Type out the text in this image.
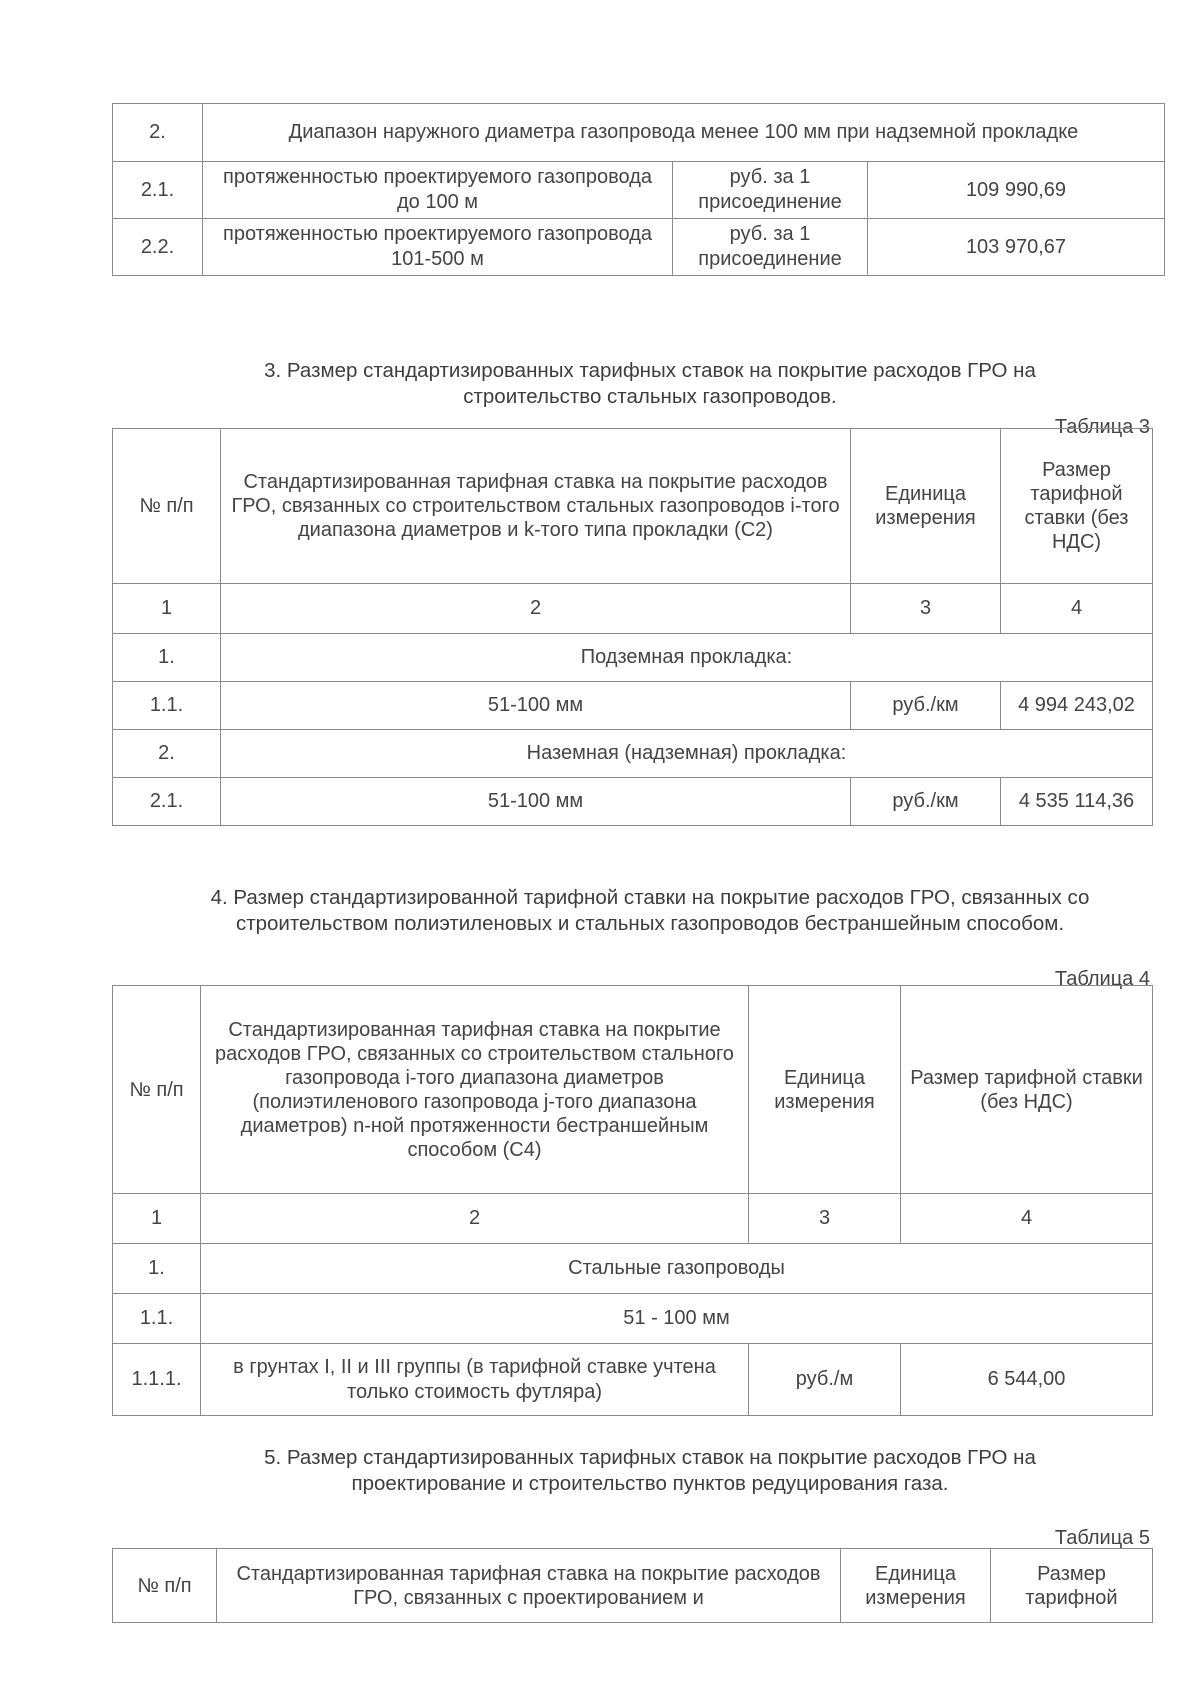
2.	Диапазон наружного диаметра газопровода менее 100 мм при надземной прокладке		
2.1.	протяженностью проектируемого газопровода до 100 м	руб. за 1 присоединение	109 990,69
2.2.	протяженностью проектируемого газопровода 101-500 м	руб. за 1 присоединение	103 970,67
3. Размер стандартизированных тарифных ставок на покрытие расходов ГРО на строительство стальных газопроводов.
Таблица 3
№ п/п	Стандартизированная тарифная ставка на покрытие расходов ГРО, связанных со строительством стальных газопроводов i-того диапазона диаметров и k-того типа прокладки (С2)	Единица измерения	Размер тарифной ставки (без НДС)
1	2	3	4
1.	Подземная прокладка:		
1.1.	51-100 мм	руб./км	4 994 243,02
2.	Наземная (надземная) прокладка:		
2.1.	51-100 мм	руб./км	4 535 114,36
4. Размер стандартизированной тарифной ставки на покрытие расходов ГРО, связанных со строительством полиэтиленовых и стальных газопроводов бестраншейным способом.
Таблица 4
№ п/п	Стандартизированная тарифная ставка на покрытие расходов ГРО, связанных со строительством стального газопровода i-того диапазона диаметров (полиэтиленового газопровода j-того диапазона диаметров) n-ной протяженности бестраншейным способом (С4)	Единица измерения	Размер тарифной ставки (без НДС)
1	2	3	4
1.	Стальные газопроводы		
1.1.	51 - 100 мм		
1.1.1.	в грунтах I, II и III группы (в тарифной ставке учтена только стоимость футляра)	руб./м	6 544,00
5. Размер стандартизированных тарифных ставок на покрытие расходов ГРО на проектирование и строительство пунктов редуцирования газа.
Таблица 5
№ п/п	Стандартизированная тарифная ставка на покрытие расходов ГРО, связанных с проектированием и	Единица измерения	Размер тарифной
